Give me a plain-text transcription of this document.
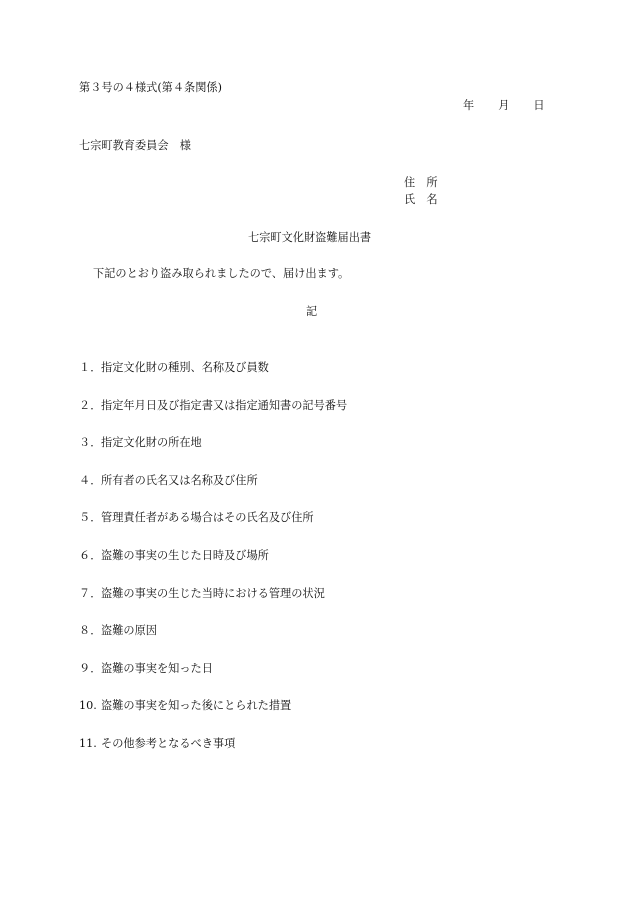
第３号の４様式(第４条関係)
年 月 日
七宗町教育委員会　様
住　所
氏　名
七宗町文化財盗難届出書
下記のとおり盗み取られましたので、届け出ます。
記
１．指定文化財の種別、名称及び員数
２．指定年月日及び指定書又は指定通知書の記号番号
３．指定文化財の所在地
４．所有者の氏名又は名称及び住所
５．管理責任者がある場合はその氏名及び住所
６．盗難の事実の生じた日時及び場所
７．盗難の事実の生じた当時における管理の状況
８．盗難の原因
９．盗難の事実を知った日
10. 盗難の事実を知った後にとられた措置
11. その他参考となるべき事項
